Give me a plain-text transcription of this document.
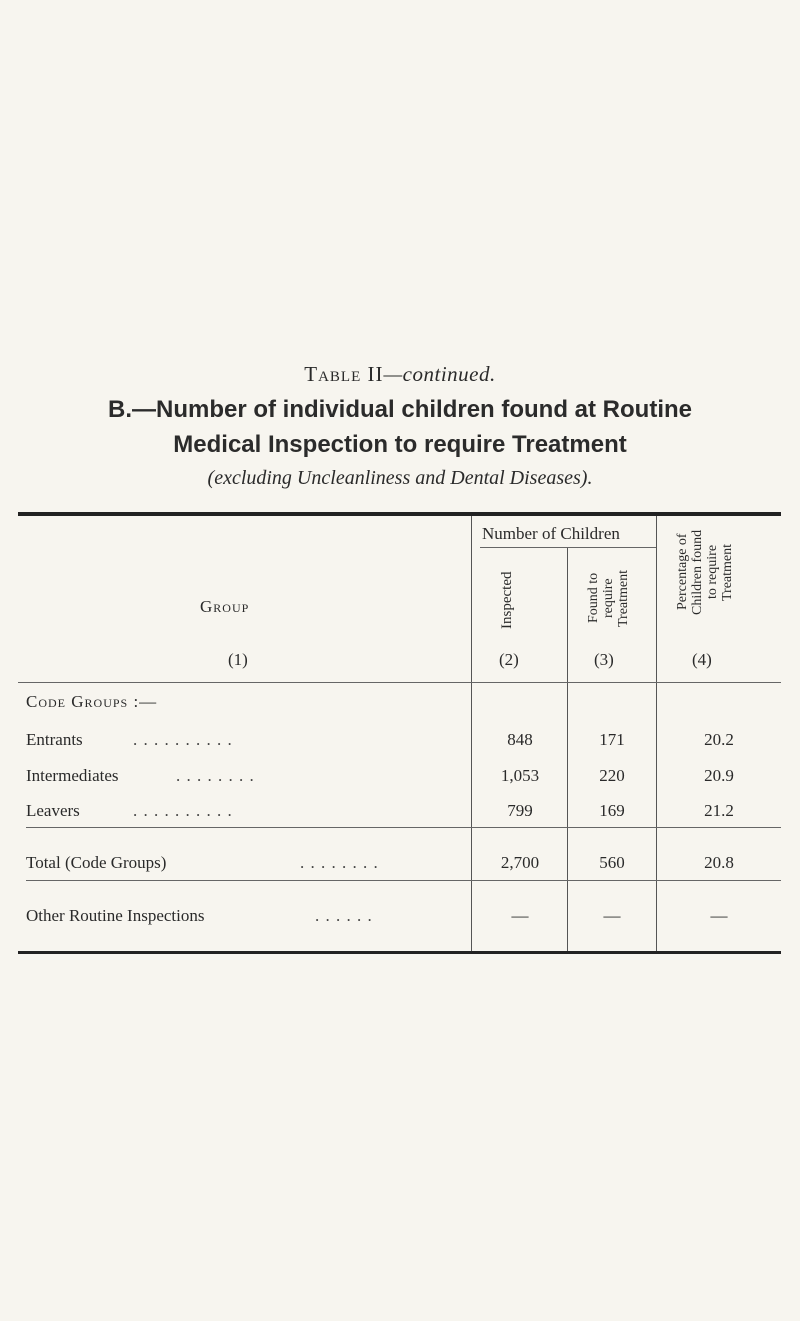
Table II—continued.
B.—Number of individual children found at Routine
Medical Inspection to require Treatment
(excluding Uncleanliness and Dental Diseases).
Group
(1)
Number of Children
Inspected
(2)
Found to require Treatment
(3)
Percentage of Children found to require Treatment
(4)
Code Groups :—
Entrants	. . . . . . . . . .	848	171	20.2
Intermediates	. . . . . . . .	1,053	220	20.9
Leavers	. . . . . . . . . .	799	169	21.2
Total (Code Groups)	. . . . . . . .	2,700	560	20.8
Other Routine Inspections	. . . . . .	—	—	—
